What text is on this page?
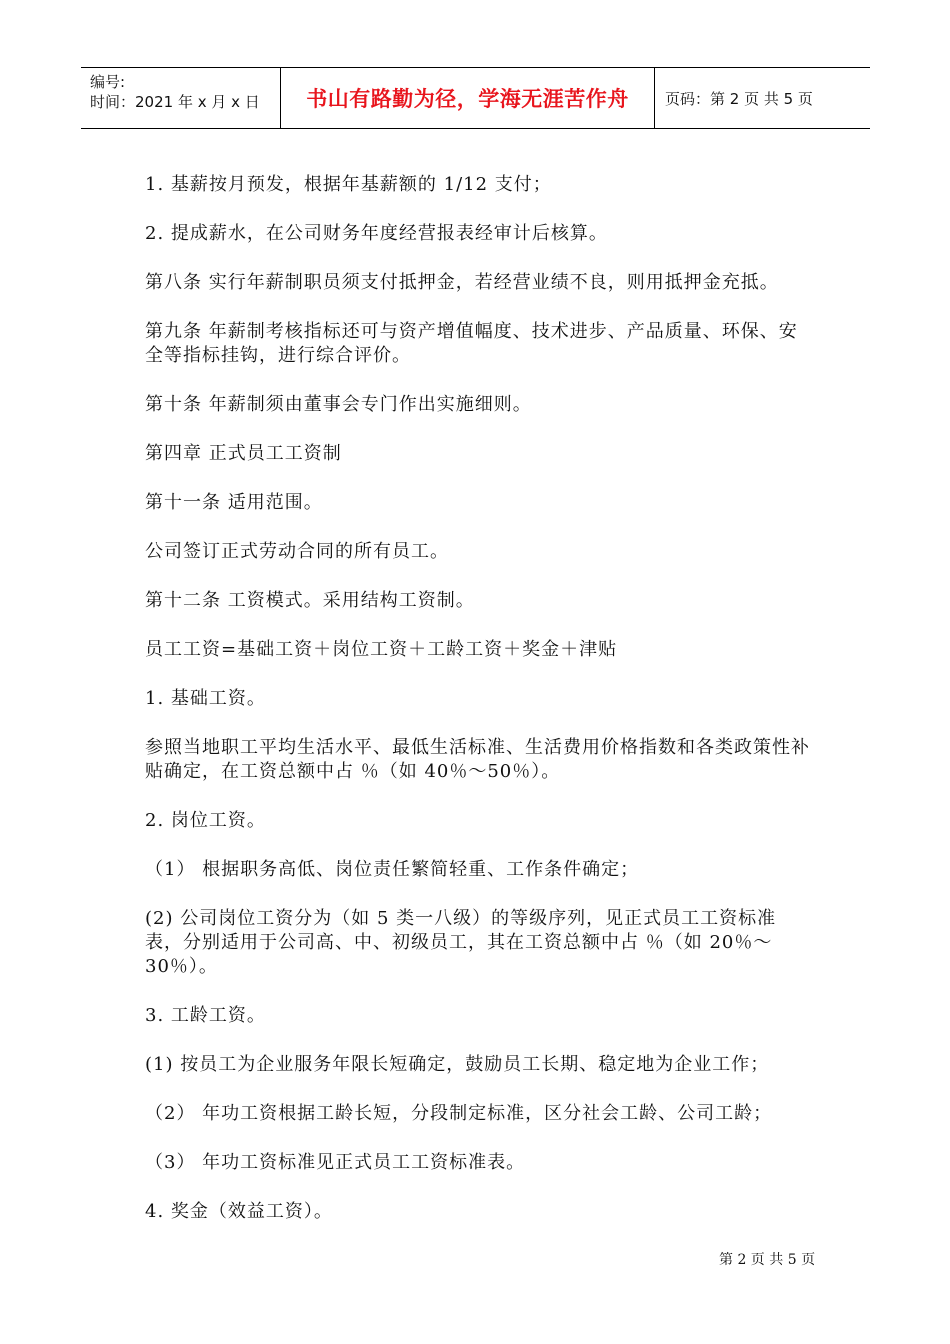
编号:
时间：2021 年 x 月 x 日	书山有路勤为径，学海无涯苦作舟	页码：第 2 页 共 5 页

1. 基薪按月预发，根据年基薪额的 1/12 支付；

2. 提成薪水，在公司财务年度经营报表经审计后核算。

第八条 实行年薪制职员须支付抵押金，若经营业绩不良，则用抵押金充抵。

第九条 年薪制考核指标还可与资产增值幅度、技术进步、产品质量、环保、安全等指标挂钩，进行综合评价。

第十条 年薪制须由董事会专门作出实施细则。

第四章 正式员工工资制

第十一条 适用范围。

公司签订正式劳动合同的所有员工。

第十二条 工资模式。采用结构工资制。

员工工资=基础工资＋岗位工资＋工龄工资＋奖金＋津贴

1. 基础工资。

参照当地职工平均生活水平、最低生活标准、生活费用价格指数和各类政策性补贴确定，在工资总额中占 ％（如 40％～50％）。

2. 岗位工资。

（1） 根据职务高低、岗位责任繁简轻重、工作条件确定；

(2) 公司岗位工资分为（如 5 类一八级）的等级序列，见正式员工工资标准表，分别适用于公司高、中、初级员工，其在工资总额中占 ％（如 20％～30％）。

3. 工龄工资。

(1) 按员工为企业服务年限长短确定，鼓励员工长期、稳定地为企业工作；

（2） 年功工资根据工龄长短，分段制定标准，区分社会工龄、公司工龄；

（3） 年功工资标准见正式员工工资标准表。

4. 奖金（效益工资）。

第 2 页 共 5 页
